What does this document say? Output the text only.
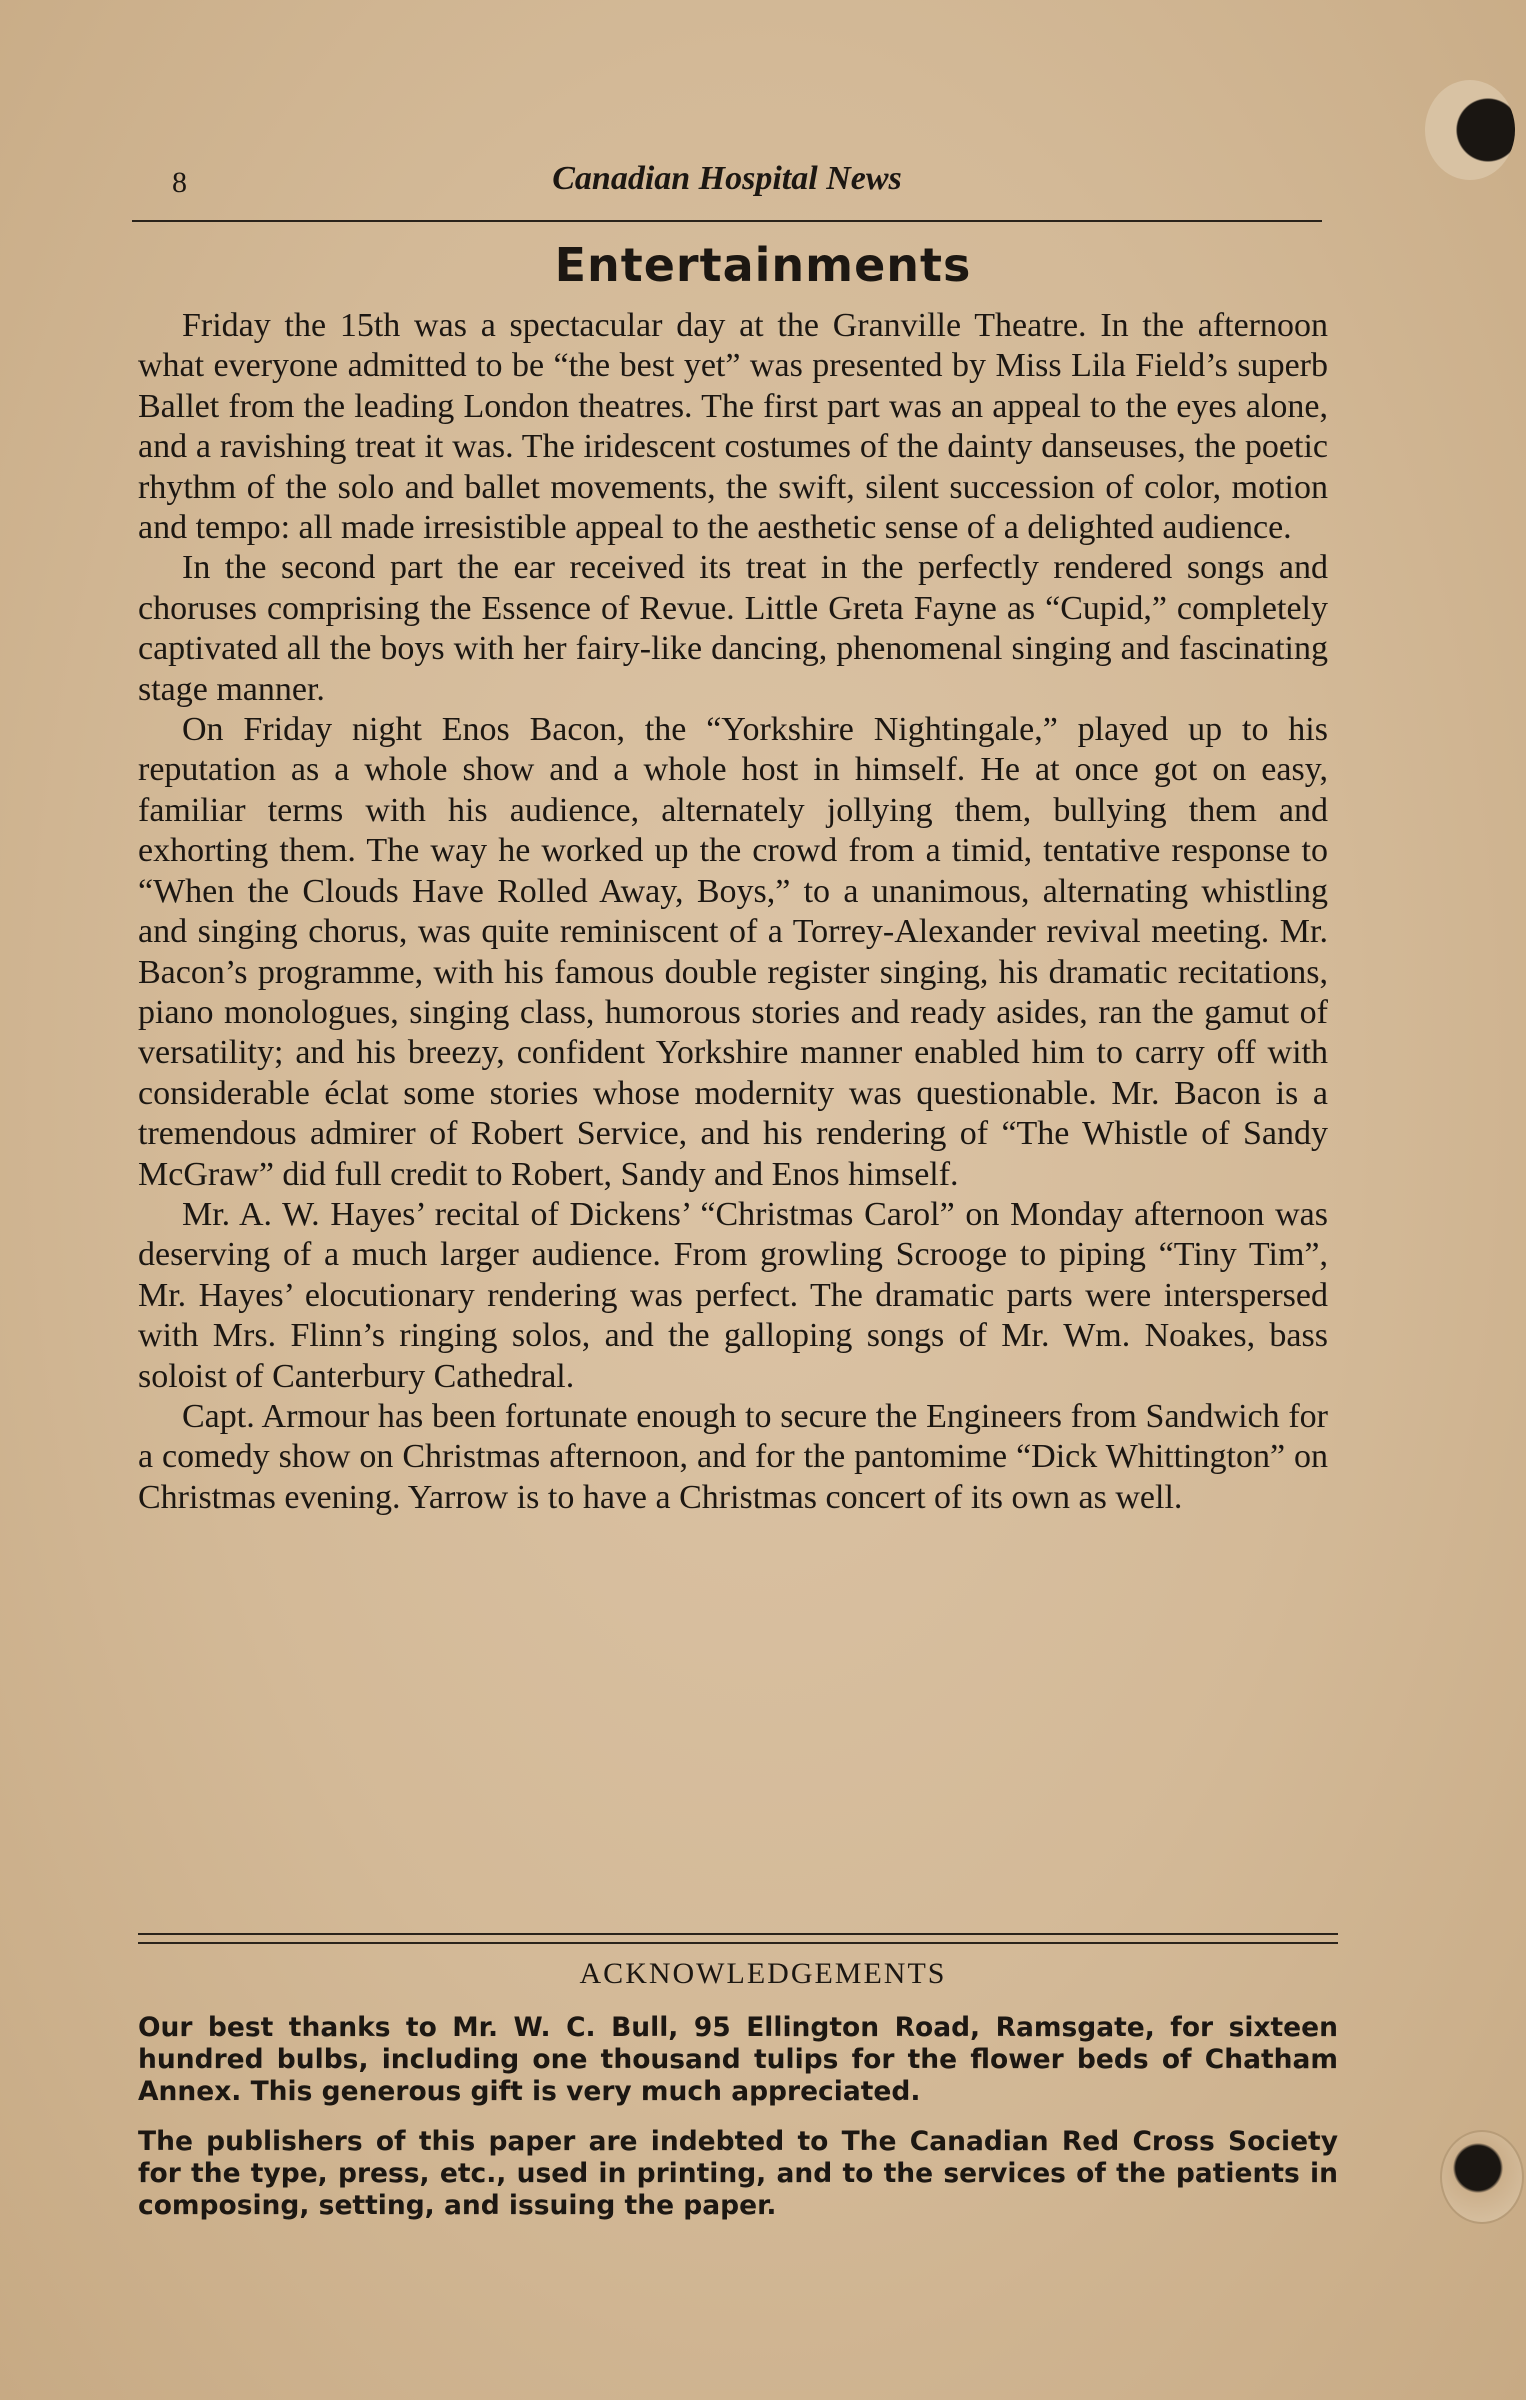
8	Canadian Hospital News
Entertainments

Friday the 15th was a spectacular day at the Granville Theatre. In the afternoon what everyone admitted to be “the best yet” was presented by Miss Lila Field’s superb Ballet from the leading London theatres. The first part was an appeal to the eyes alone, and a ravishing treat it was. The iridescent costumes of the dainty danseuses, the poetic rhythm of the solo and ballet movements, the swift, silent succession of color, motion and tempo: all made irresistible appeal to the aesthetic sense of a delighted audience.

In the second part the ear received its treat in the perfectly rendered songs and choruses comprising the Essence of Revue. Little Greta Fayne as “Cupid,” completely captivated all the boys with her fairy-like dancing, phenomenal singing and fascinating stage manner.

On Friday night Enos Bacon, the “Yorkshire Nightingale,” played up to his reputation as a whole show and a whole host in himself. He at once got on easy, familiar terms with his audience, alternately jollying them, bullying them and exhorting them. The way he worked up the crowd from a timid, tentative response to “When the Clouds Have Rolled Away, Boys,” to a unanimous, alternating whistling and singing chorus, was quite reminiscent of a Torrey-Alexander revival meeting. Mr. Bacon’s programme, with his famous double register singing, his dramatic recitations, piano monologues, singing class, humorous stories and ready asides, ran the gamut of versatility; and his breezy, confident Yorkshire manner enabled him to carry off with considerable éclat some stories whose modernity was questionable. Mr. Bacon is a tremendous admirer of Robert Service, and his rendering of “The Whistle of Sandy McGraw” did full credit to Robert, Sandy and Enos himself.

Mr. A. W. Hayes’ recital of Dickens’ “Christmas Carol” on Monday afternoon was deserving of a much larger audience. From growling Scrooge to piping “Tiny Tim”, Mr. Hayes’ elocutionary rendering was perfect. The dramatic parts were interspersed with Mrs. Flinn’s ringing solos, and the galloping songs of Mr. Wm. Noakes, bass soloist of Canterbury Cathedral.

Capt. Armour has been fortunate enough to secure the Engineers from Sandwich for a comedy show on Christmas afternoon, and for the pantomime “Dick Whittington” on Christmas evening. Yarrow is to have a Christmas concert of its own as well.

ACKNOWLEDGEMENTS

Our best thanks to Mr. W. C. Bull, 95 Ellington Road, Ramsgate, for sixteen hundred bulbs, including one thousand tulips for the flower beds of Chatham Annex. This generous gift is very much appreciated.

The publishers of this paper are indebted to The Canadian Red Cross Society for the type, press, etc., used in printing, and to the services of the patients in composing, setting, and issuing the paper.
